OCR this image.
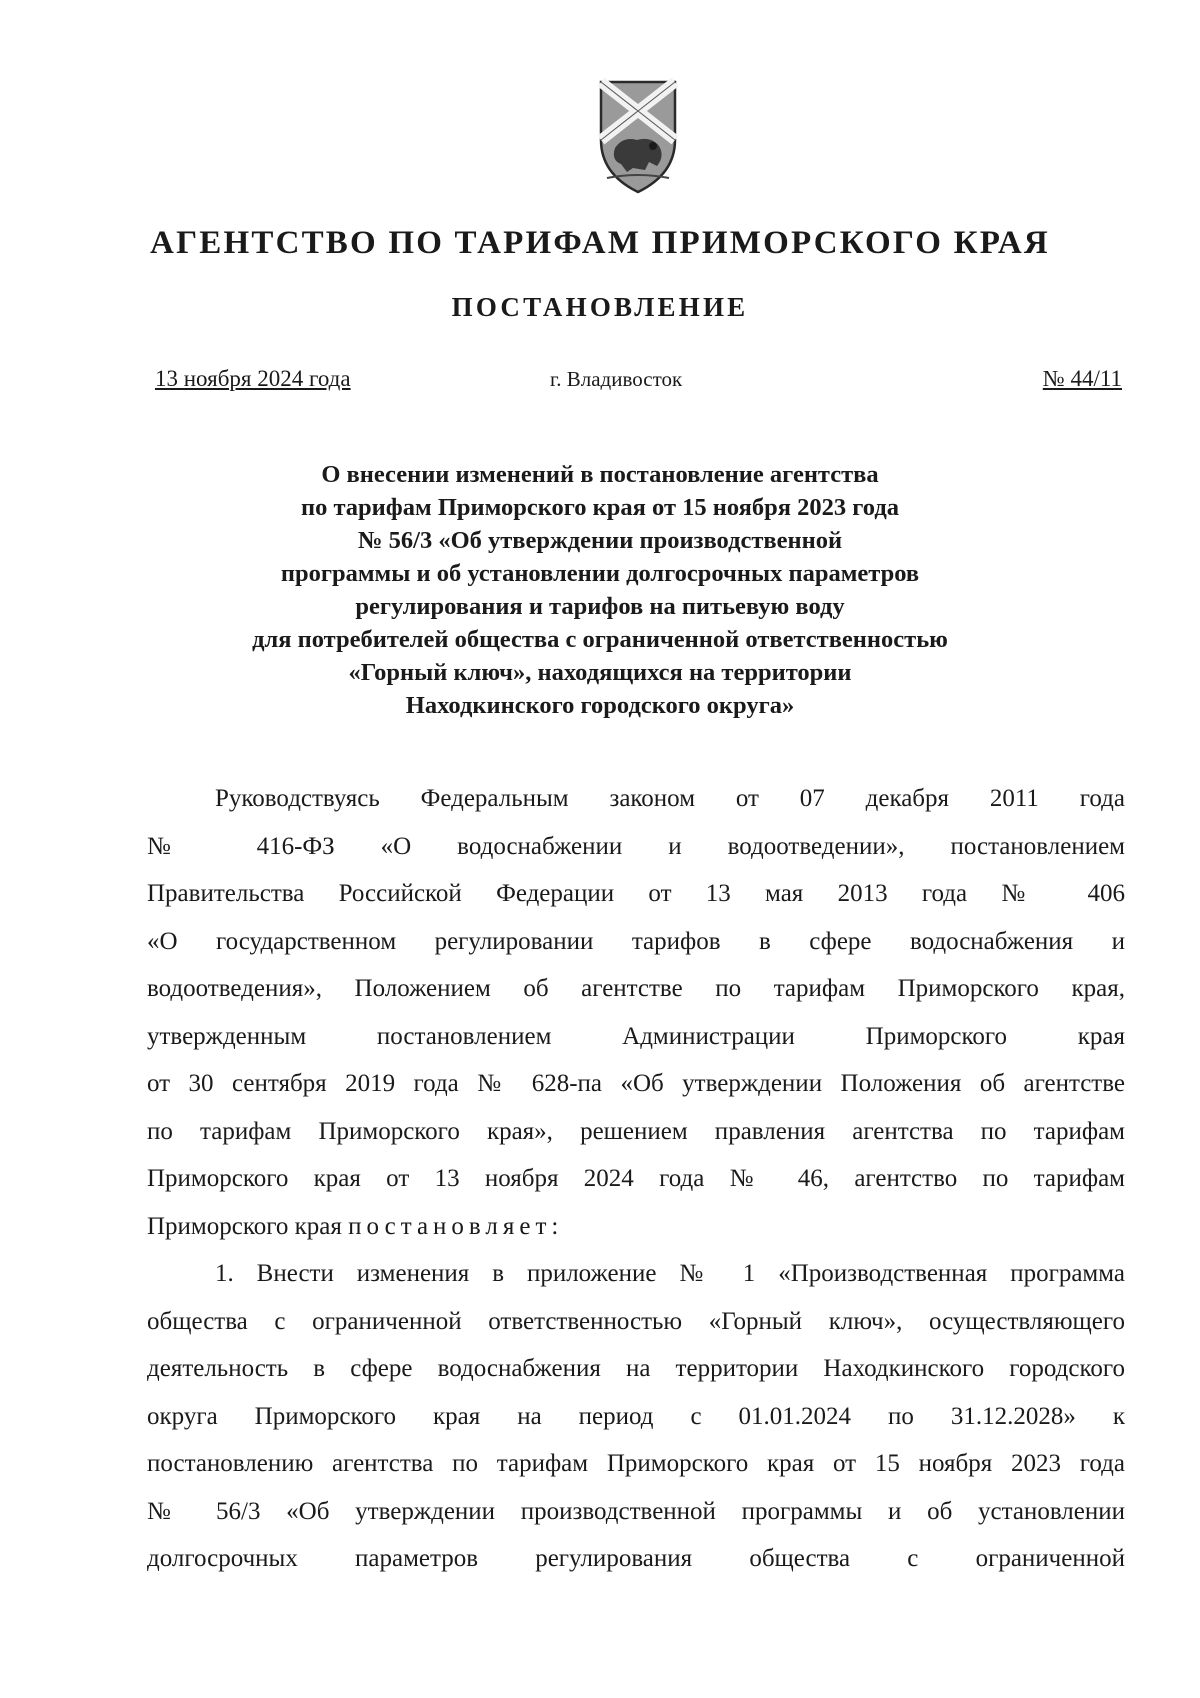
АГЕНТСТВО ПО ТАРИФАМ ПРИМОРСКОГО КРАЯ
ПОСТАНОВЛЕНИЕ
13 ноября 2024 года	г. Владивосток	№ 44/11
О внесении изменений в постановление агентства
по тарифам Приморского края от 15 ноября 2023 года
№ 56/3 «Об утверждении производственной
программы и об установлении долгосрочных параметров
регулирования и тарифов на питьевую воду
для потребителей общества с ограниченной ответственностью
«Горный ключ», находящихся на территории
Находкинского городского округа»

Руководствуясь Федеральным законом от 07 декабря 2011 года
№ 416-ФЗ «О водоснабжении и водоотведении», постановлением
Правительства Российской Федерации от 13 мая 2013 года № 406
«О государственном регулировании тарифов в сфере водоснабжения и
водоотведения», Положением об агентстве по тарифам Приморского края,
утвержденным постановлением Администрации Приморского края
от 30 сентября 2019 года № 628-па «Об утверждении Положения об агентстве
по тарифам Приморского края», решением правления агентства по тарифам
Приморского края от 13 ноября 2024 года № 46, агентство по тарифам
Приморского края постановляет:

1. Внести изменения в приложение № 1 «Производственная программа
общества с ограниченной ответственностью «Горный ключ», осуществляющего
деятельность в сфере водоснабжения на территории Находкинского городского
округа Приморского края на период с 01.01.2024 по 31.12.2028» к
постановлению агентства по тарифам Приморского края от 15 ноября 2023 года
№ 56/3 «Об утверждении производственной программы и об установлении
долгосрочных параметров регулирования общества с ограниченной
